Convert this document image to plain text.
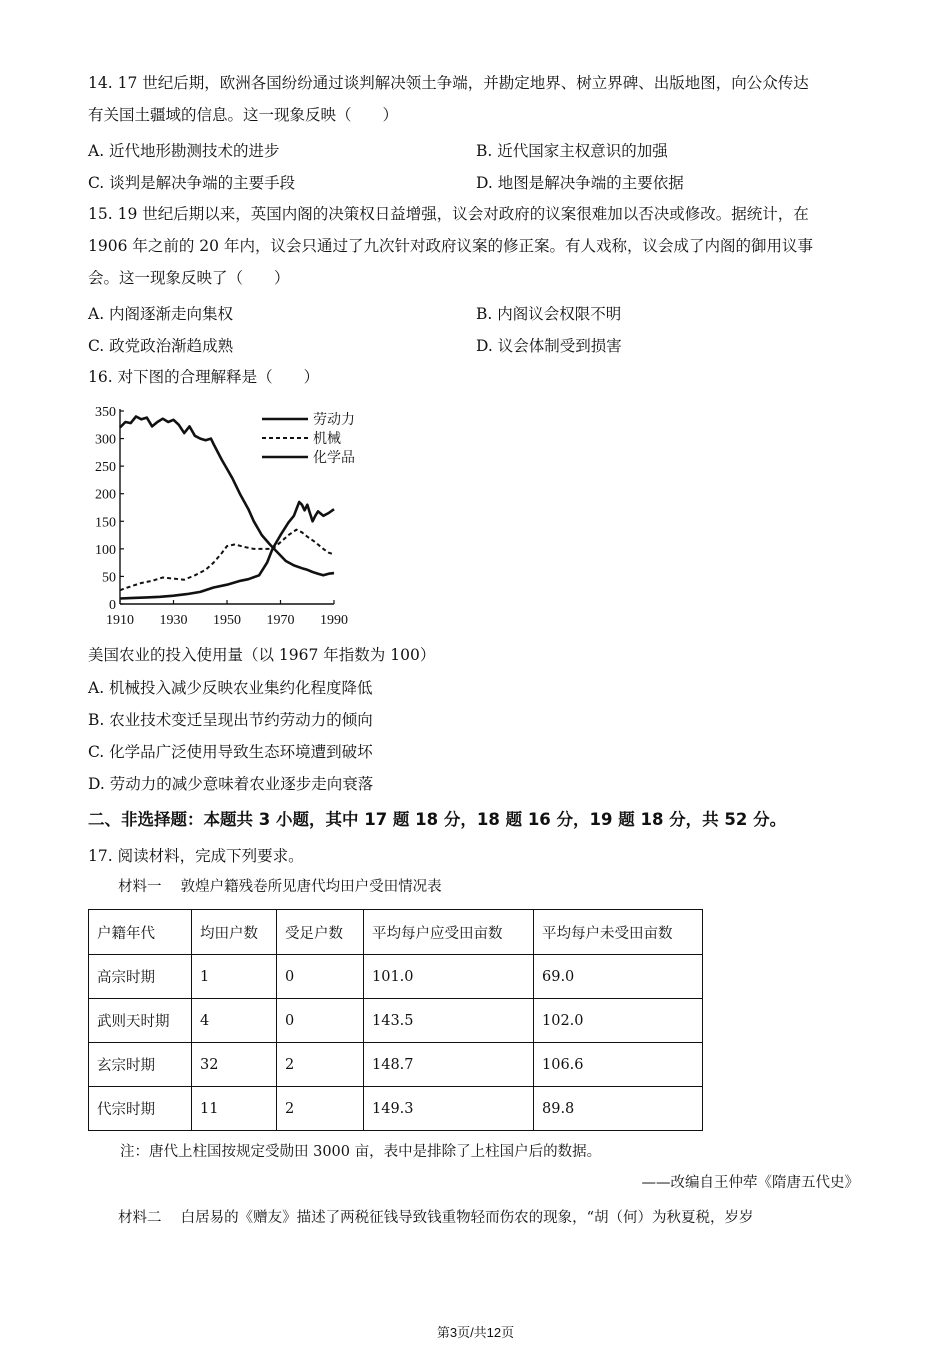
14. 17 世纪后期，欧洲各国纷纷通过谈判解决领土争端，并勘定地界、树立界碑、出版地图，向公众传达
有关国土疆域的信息。这一现象反映（　　）
A. 近代地形勘测技术的进步	B. 近代国家主权意识的加强
C. 谈判是解决争端的主要手段	D. 地图是解决争端的主要依据
15. 19 世纪后期以来，英国内阁的决策权日益增强，议会对政府的议案很难加以否决或修改。据统计，在
1906 年之前的 20 年内，议会只通过了九次针对政府议案的修正案。有人戏称，议会成了内阁的御用议事
会。这一现象反映了（　　）
A. 内阁逐渐走向集权	B. 内阁议会权限不明
C. 政党政治渐趋成熟	D. 议会体制受到损害
16. 对下图的合理解释是（　　）
0
50
100
150
200
250
300
350
1910 1930 1950 1970 1990
劳动力
机械
化学品
美国农业的投入使用量（以 1967 年指数为 100）
A. 机械投入减少反映农业集约化程度降低
B. 农业技术变迁呈现出节约劳动力的倾向
C. 化学品广泛使用导致生态环境遭到破坏
D. 劳动力的减少意味着农业逐步走向衰落
二、非选择题：本题共 3 小题，其中 17 题 18 分，18 题 16 分，19 题 18 分，共 52 分。
17. 阅读材料，完成下列要求。
材料一　 敦煌户籍残卷所见唐代均田户受田情况表
户籍年代	均田户数	受足户数	平均每户应受田亩数	平均每户未受田亩数
高宗时期	1	0	101.0	69.0
武则天时期	4	0	143.5	102.0
玄宗时期	32	2	148.7	106.6
代宗时期	11	2	149.3	89.8
注：唐代上柱国按规定受勋田 3000 亩，表中是排除了上柱国户后的数据。
——改编自王仲荦《隋唐五代史》
材料二　 白居易的《赠友》描述了两税征钱导致钱重物轻而伤农的现象，“胡（何）为秋夏税，岁岁
第3页/共12页
